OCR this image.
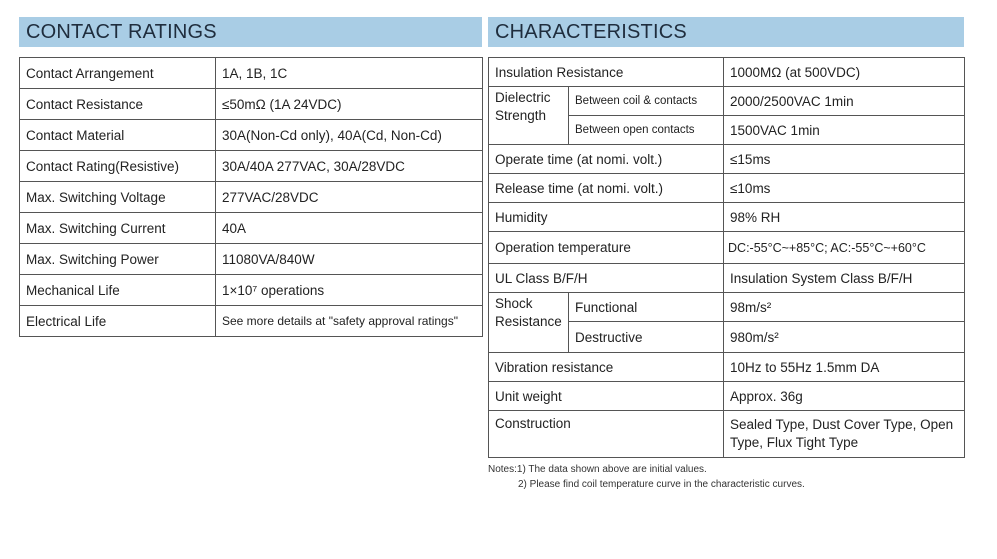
CONTACT RATINGS
Contact Arrangement	1A, 1B, 1C
Contact Resistance	≤50mΩ (1A 24VDC)
Contact Material	30A(Non-Cd only), 40A(Cd, Non-Cd)
Contact Rating(Resistive)	30A/40A 277VAC, 30A/28VDC
Max. Switching Voltage	277VAC/28VDC
Max. Switching Current	40A
Max. Switching Power	11080VA/840W
Mechanical Life	1×10⁷ operations
Electrical Life	See more details at "safety approval ratings"
CHARACTERISTICS
Insulation Resistance		1000MΩ (at 500VDC)
Dielectric Strength	Between coil & contacts	2000/2500VAC 1min
	Between open contacts	1500VAC 1min
Operate time (at nomi. volt.)		≤15ms
Release time (at nomi. volt.)		≤10ms
Humidity		98% RH
Operation temperature		DC:-55°C~+85°C; AC:-55°C~+60°C
UL Class B/F/H		Insulation System Class B/F/H
Shock Resistance	Functional	98m/s²
	Destructive	980m/s²
Vibration resistance		10Hz to 55Hz 1.5mm DA
Unit weight		Approx. 36g
Construction		Sealed Type, Dust Cover Type, Open Type, Flux Tight Type
Notes:1) The data shown above are initial values.
2) Please find coil temperature curve in the characteristic curves.
